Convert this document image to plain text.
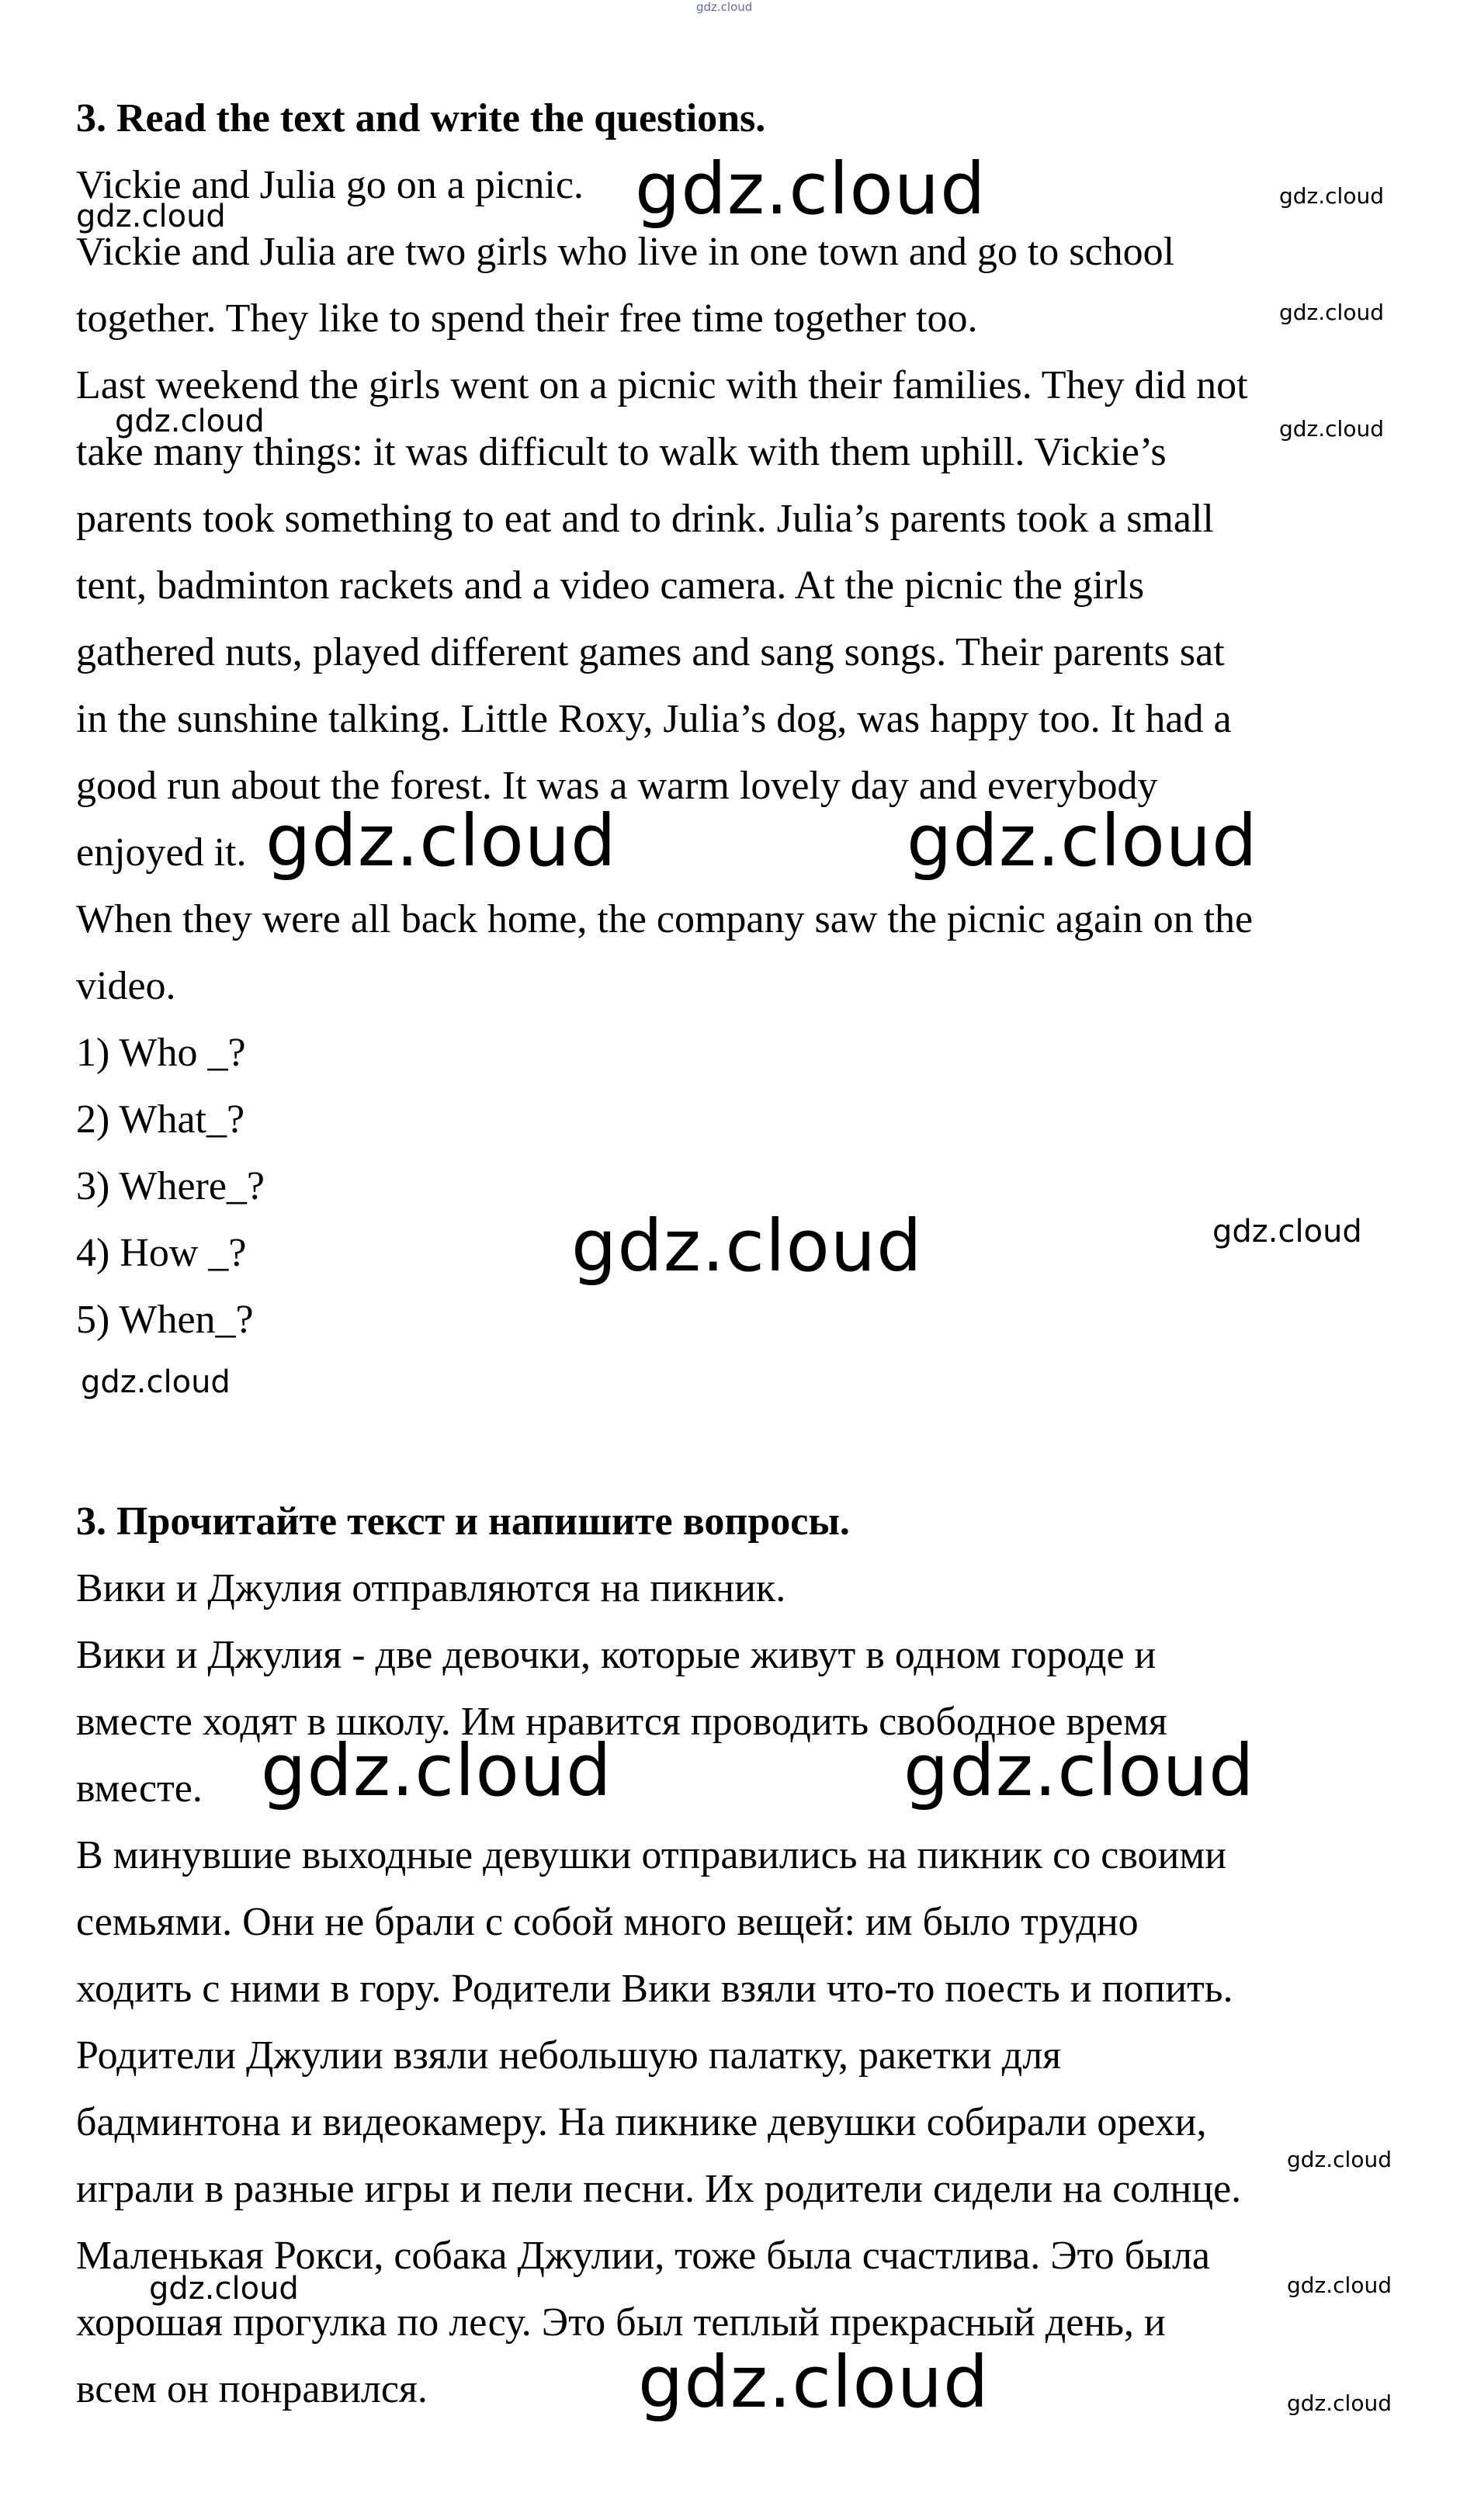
gdz.cloud
3. Read the text and write the questions.
Vickie and Julia go on a picnic.
Vickie and Julia are two girls who live in one town and go to school
together. They like to spend their free time together too.
Last weekend the girls went on a picnic with their families. They did not
take many things: it was difficult to walk with them uphill. Vickie’s
parents took something to eat and to drink. Julia’s parents took a small
tent, badminton rackets and a video camera. At the picnic the girls
gathered nuts, played different games and sang songs. Their parents sat
in the sunshine talking. Little Roxy, Julia’s dog, was happy too. It had a
good run about the forest. It was a warm lovely day and everybody
enjoyed it.
When they were all back home, the company saw the picnic again on the
video.
1) Who _?
2) What_?
3) Where_?
4) How _?
5) When_?
3. Прочитайте текст и напишите вопросы.
Вики и Джулия отправляются на пикник.
Вики и Джулия - две девочки, которые живут в одном городе и
вместе ходят в школу. Им нравится проводить свободное время
вместе.
В минувшие выходные девушки отправились на пикник со своими
семьями. Они не брали с собой много вещей: им было трудно
ходить с ними в гору. Родители Вики взяли что-то поесть и попить.
Родители Джулии взяли небольшую палатку, ракетки для
бадминтона и видеокамеру. На пикнике девушки собирали орехи,
играли в разные игры и пели песни. Их родители сидели на солнце.
Маленькая Рокси, собака Джулии, тоже была счастлива. Это была
хорошая прогулка по лесу. Это был теплый прекрасный день, и
всем он понравился.
gdz.cloud	gdz.cloud
gdz.cloud
gdz.cloud
gdz.cloud	gdz.cloud
gdz.cloud	gdz.cloud
gdz.cloud	gdz.cloud
gdz.cloud
gdz.cloud	gdz.cloud
gdz.cloud
gdz.cloud	gdz.cloud
gdz.cloud	gdz.cloud
